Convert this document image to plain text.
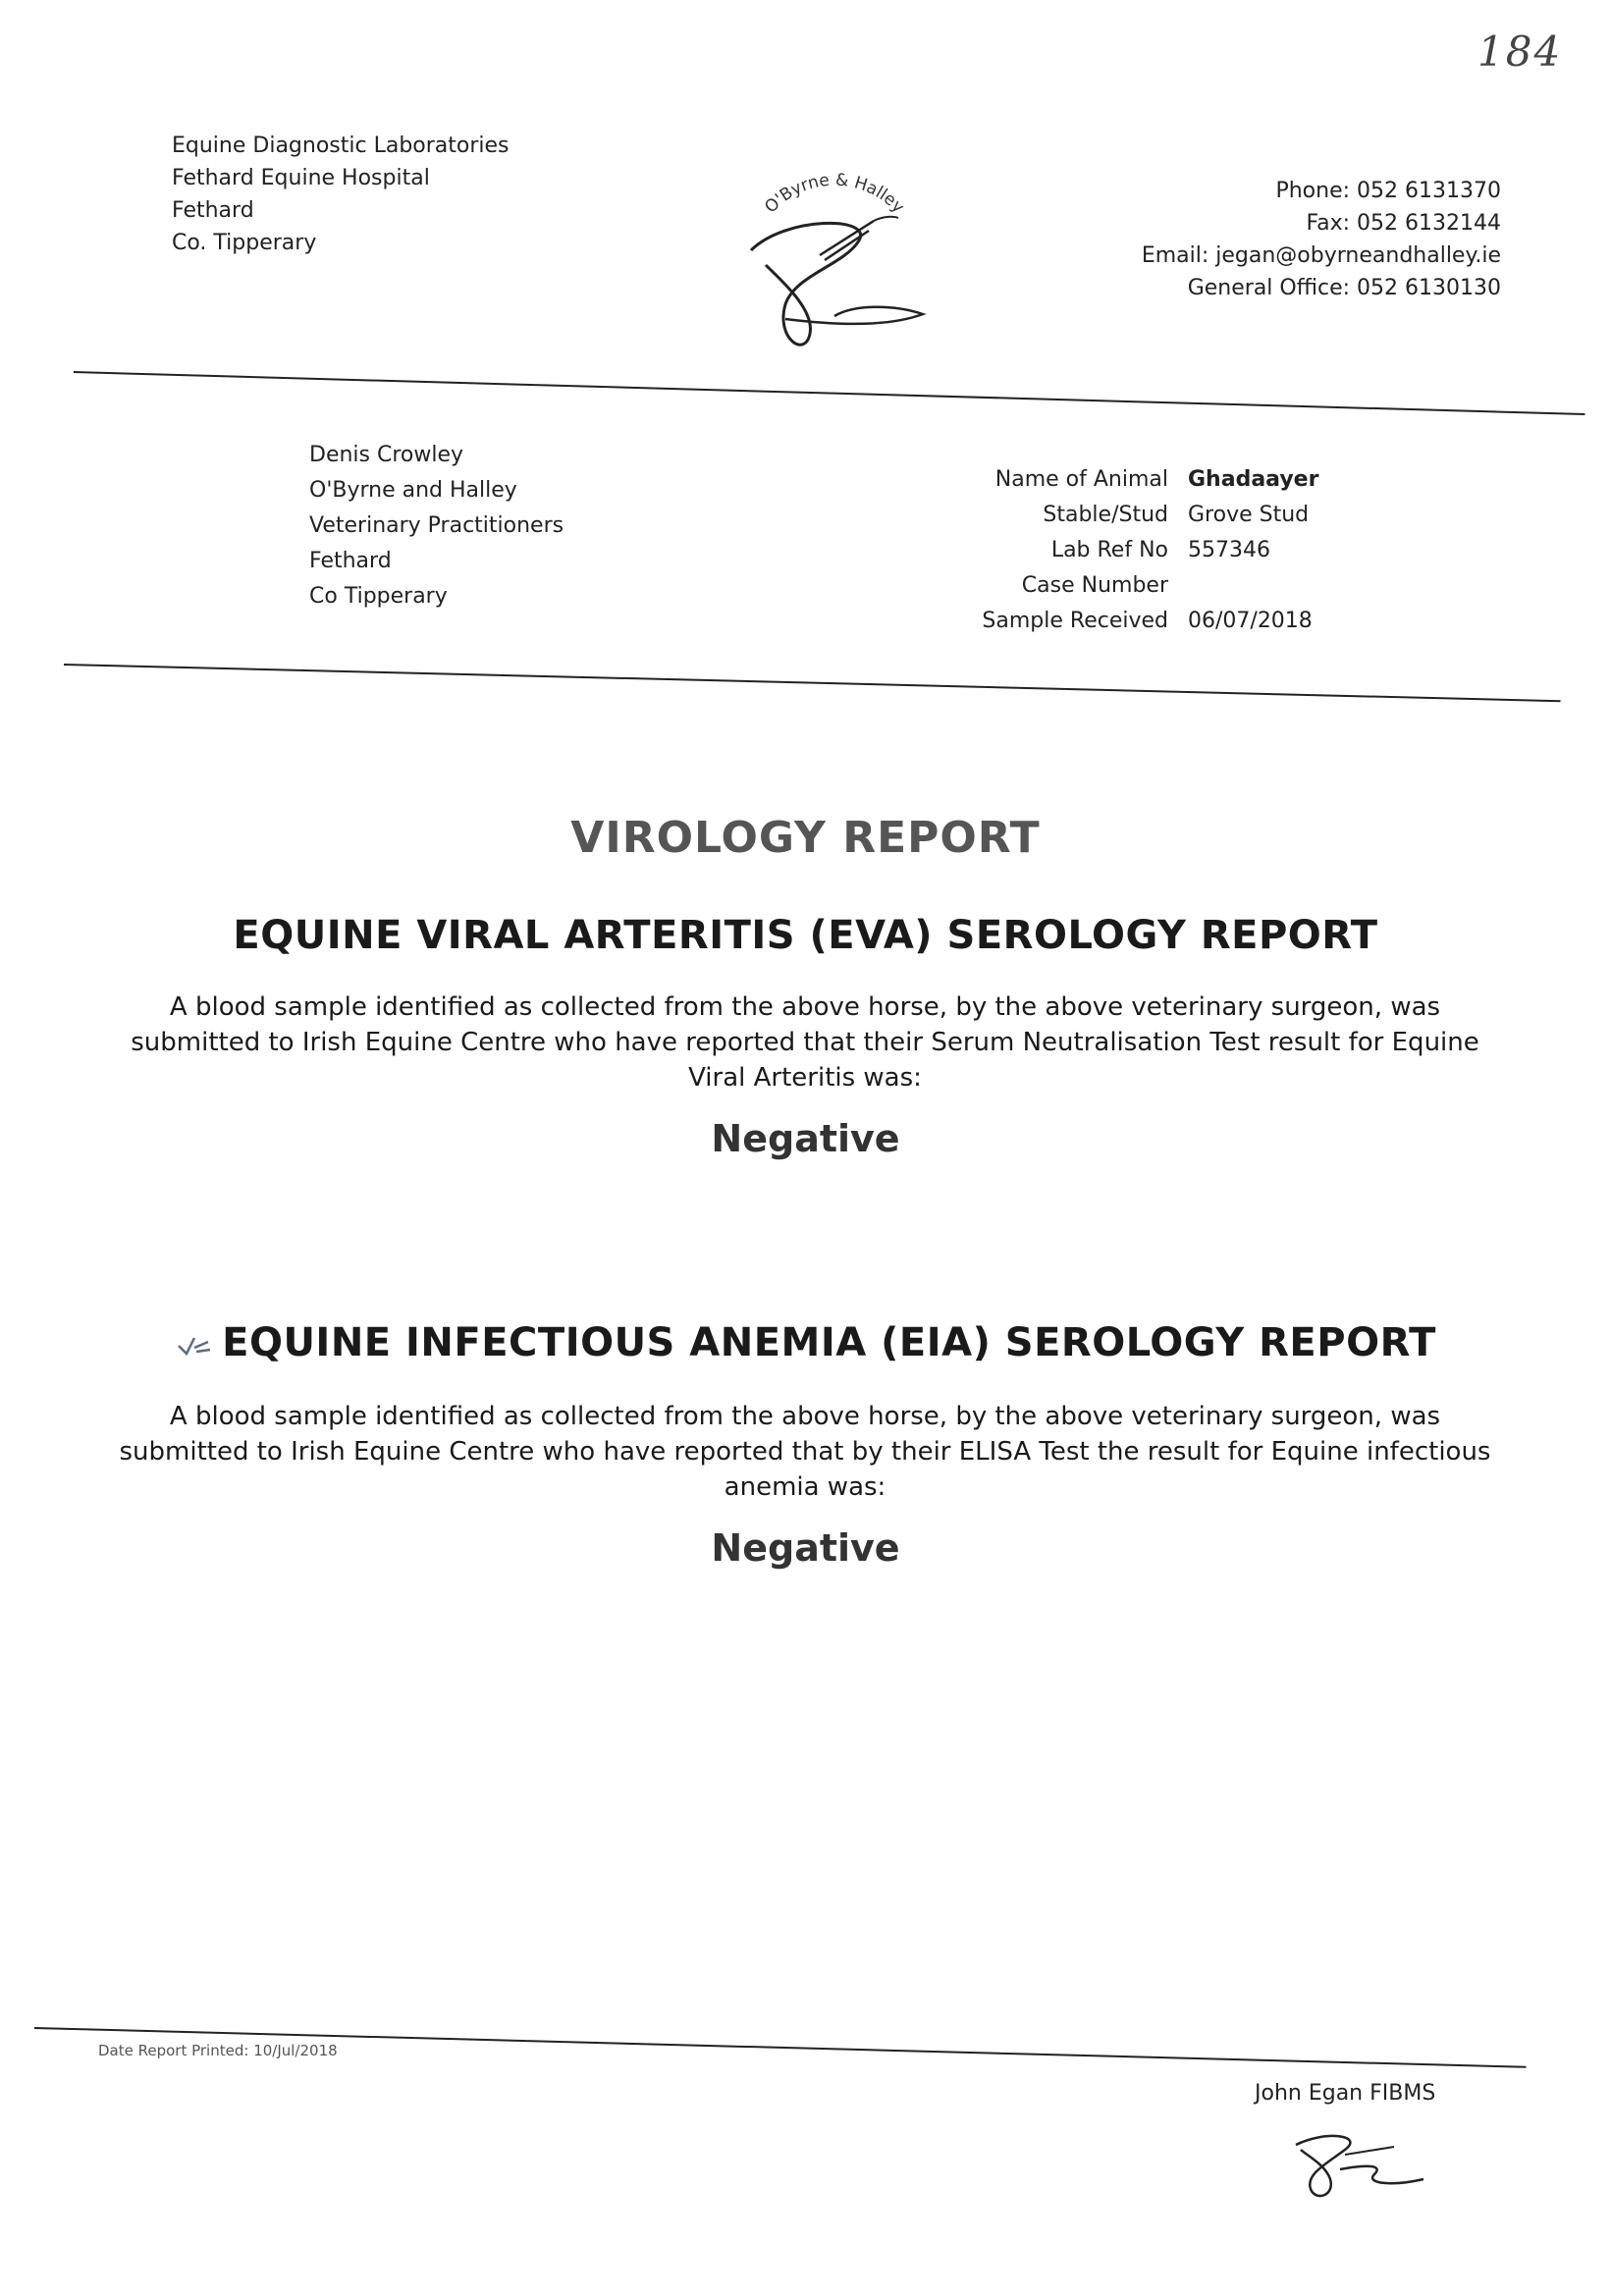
184
Equine Diagnostic Laboratories
Fethard Equine Hospital
Fethard
Co. Tipperary
O'Byrne & Halley
Phone: 052 6131370
Fax: 052 6132144
Email: jegan@obyrneandhalley.ie
General Office: 052 6130130
Denis Crowley
O'Byrne and Halley
Veterinary Practitioners
Fethard
Co Tipperary
Name of Animal Ghadaayer
Stable/Stud Grove Stud
Lab Ref No 557346
Case Number
Sample Received 06/07/2018
VIROLOGY REPORT
EQUINE VIRAL ARTERITIS (EVA) SEROLOGY REPORT
A blood sample identified as collected from the above horse, by the above veterinary surgeon, was submitted to Irish Equine Centre who have reported that their Serum Neutralisation Test result for Equine Viral Arteritis was:
Negative
EQUINE INFECTIOUS ANEMIA (EIA) SEROLOGY REPORT
A blood sample identified as collected from the above horse, by the above veterinary surgeon, was submitted to Irish Equine Centre who have reported that by their ELISA Test the result for Equine infectious anemia was:
Negative
Date Report Printed: 10/Jul/2018
John Egan FIBMS
